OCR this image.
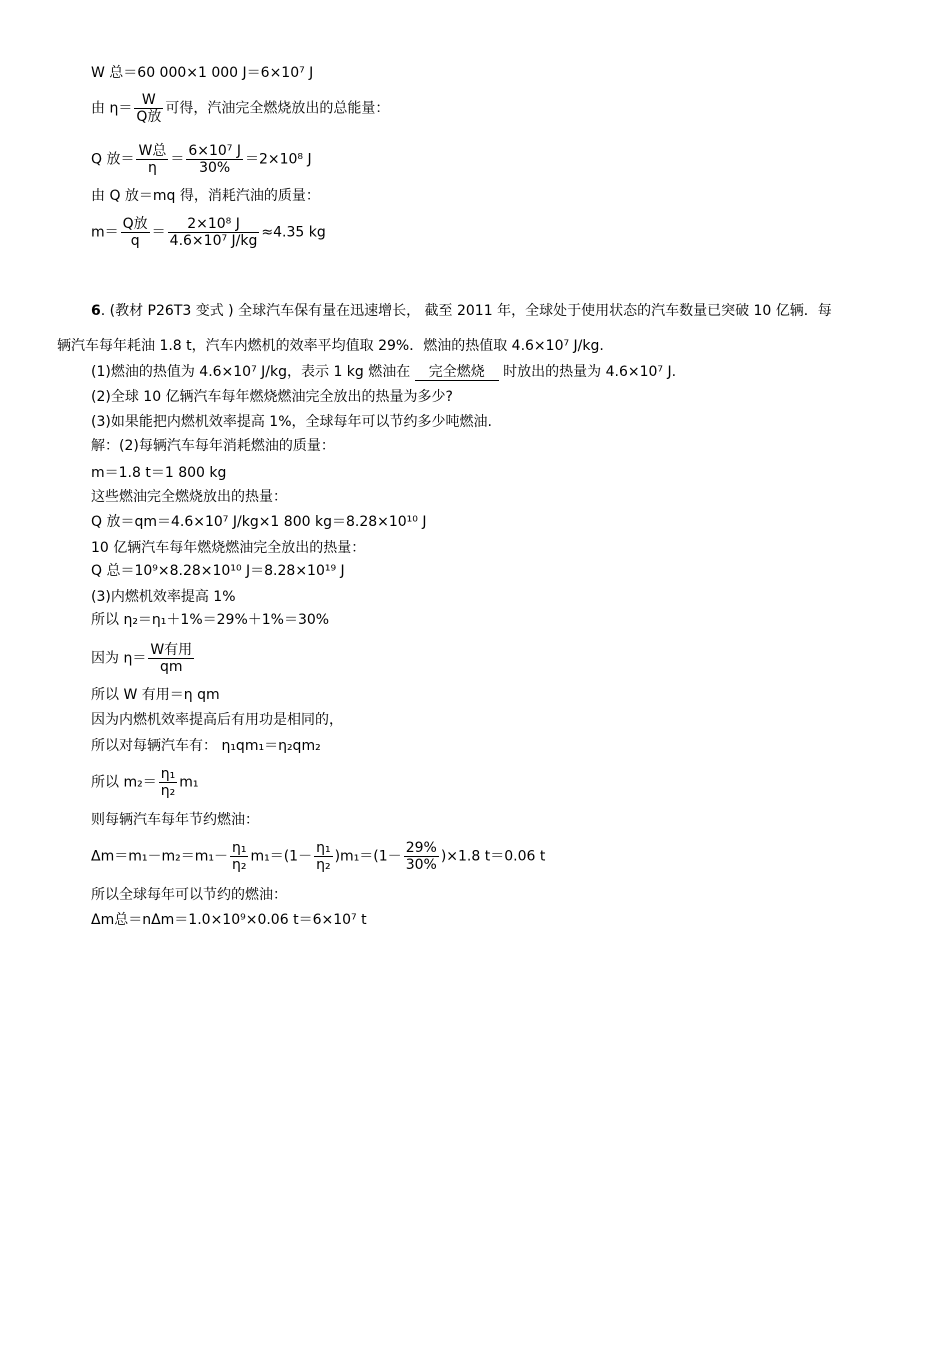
W 总＝60 000×1 000 J＝6×10⁷ J
由 $\eta= \frac{W}{\text{Q放}}$ 可得，汽油完全燃烧放出的总能量：
Q 放＝ $\frac{\text{W总}}{\eta} = \frac{\text{6×10⁷ J}}{30\%} =2\times 10^8$ J
由 Q 放＝mq 得，消耗汽油的质量：
$m= \frac{\text{Q放}}{q} = \frac{\text{2×10⁸ J}}{\text{4.6×10⁷ J/kg}} \approx 4.35$ kg
6. (教材 P26T3 变式 ) 全球汽车保有量在迅速增长， 截至 2011 年，全球处于使用状态的汽车数量已突破 10 亿辆．每
辆汽车每年耗油 1.8 t，汽车内燃机的效率平均值取 29%．燃油的热值取 4.6×10⁷ J/kg.
(1)燃油的热值为 4.6×10⁷ J/kg，表示 1 kg 燃油在 完全燃烧 时放出的热量为 4.6×10⁷ J.
(2)全球 10 亿辆汽车每年燃烧燃油完全放出的热量为多少?
(3)如果能把内燃机效率提高 1%，全球每年可以节约多少吨燃油.
解：(2)每辆汽车每年消耗燃油的质量：
m＝1.8 t＝1 800 kg
这些燃油完全燃烧放出的热量：
Q 放＝qm＝4.6×10⁷ J/kg×1 800 kg＝8.28×10¹⁰ J
10 亿辆汽车每年燃烧燃油完全放出的热量：
Q 总＝10⁹×8.28×10¹⁰ J＝8.28×10¹⁹ J
(3)内燃机效率提高 1%
所以 η₂＝η₁＋1%＝29%＋1%＝30%
因为 $\eta= \frac{\text{W有用}}{qm}$
所以 W 有用＝η qm
因为内燃机效率提高后有用功是相同的，
所以对每辆汽车有： η₁qm₁＝η₂qm₂
所以 $m_2= \frac{\text{η₁}}{\text{η₂}} m_1$
则每辆汽车每年节约燃油：
$\Delta m=m_1-m_2=m_1- \frac{\text{η₁}}{\text{η₂}} m_1=(1- \frac{\text{η₁}}{\text{η₂}} )m_1=(1- \frac{29\%}{30\%} )\times 1.8$ t＝0.06 t
所以全球每年可以节约的燃油：
Δm总＝nΔm＝1.0×10⁹×0.06 t＝6×10⁷ t
